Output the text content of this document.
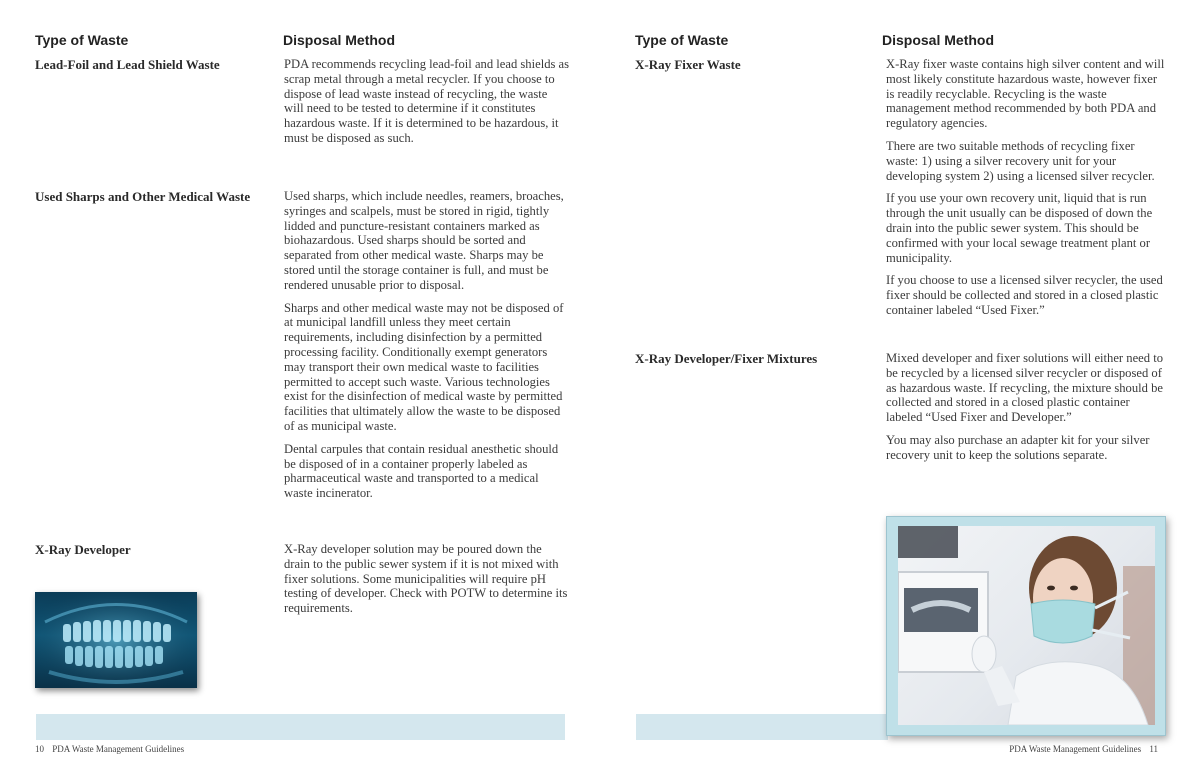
Type of Waste	Disposal Method
Lead-Foil and Lead Shield Waste	PDA recommends recycling lead-foil and lead shields as scrap metal through a metal recycler. If you choose to dispose of lead waste instead of recycling, the waste will need to be tested to determine if it constitutes hazardous waste. If it is determined to be hazardous, it must be disposed as such.

Used Sharps and Other Medical Waste	Used sharps, which include needles, reamers, broaches, syringes and scalpels, must be stored in rigid, tightly lidded and puncture-resistant containers marked as biohazardous. Used sharps should be sorted and separated from other medical waste. Sharps may be stored until the storage container is full, and must be rendered unusable prior to disposal.

Sharps and other medical waste may not be disposed of at municipal landfill unless they meet certain requirements, including disinfection by a permitted processing facility. Conditionally exempt generators may transport their own medical waste to facilities permitted to accept such waste. Various technologies exist for the disinfection of medical waste by permitted facilities that ultimately allow the waste to be disposed of as municipal waste.

Dental carpules that contain residual anesthetic should be disposed of in a container properly labeled as pharmaceutical waste and transported to a medical waste incinerator.

X-Ray Developer	X-Ray developer solution may be poured down the drain to the public sewer system if it is not mixed with fixer solutions. Some municipalities will require pH testing of developer. Check with POTW to determine its requirements.

10 PDA Waste Management Guidelines
Type of Waste	Disposal Method
X-Ray Fixer Waste	X-Ray fixer waste contains high silver content and will most likely constitute hazardous waste, however fixer is readily recyclable. Recycling is the waste management method recommended by both PDA and regulatory agencies.

There are two suitable methods of recycling fixer waste: 1) using a silver recovery unit for your developing system 2) using a licensed silver recycler.

If you use your own recovery unit, liquid that is run through the unit usually can be disposed of down the drain into the public sewer system. This should be confirmed with your local sewage treatment plant or municipality.

If you choose to use a licensed silver recycler, the used fixer should be collected and stored in a closed plastic container labeled “Used Fixer.”

X-Ray Developer/Fixer Mixtures	Mixed developer and fixer solutions will either need to be recycled by a licensed silver recycler or disposed of as hazardous waste. If recycling, the mixture should be collected and stored in a closed plastic container labeled “Used Fixer and Developer.”

You may also purchase an adapter kit for your silver recovery unit to keep the solutions separate.

PDA Waste Management Guidelines 11
